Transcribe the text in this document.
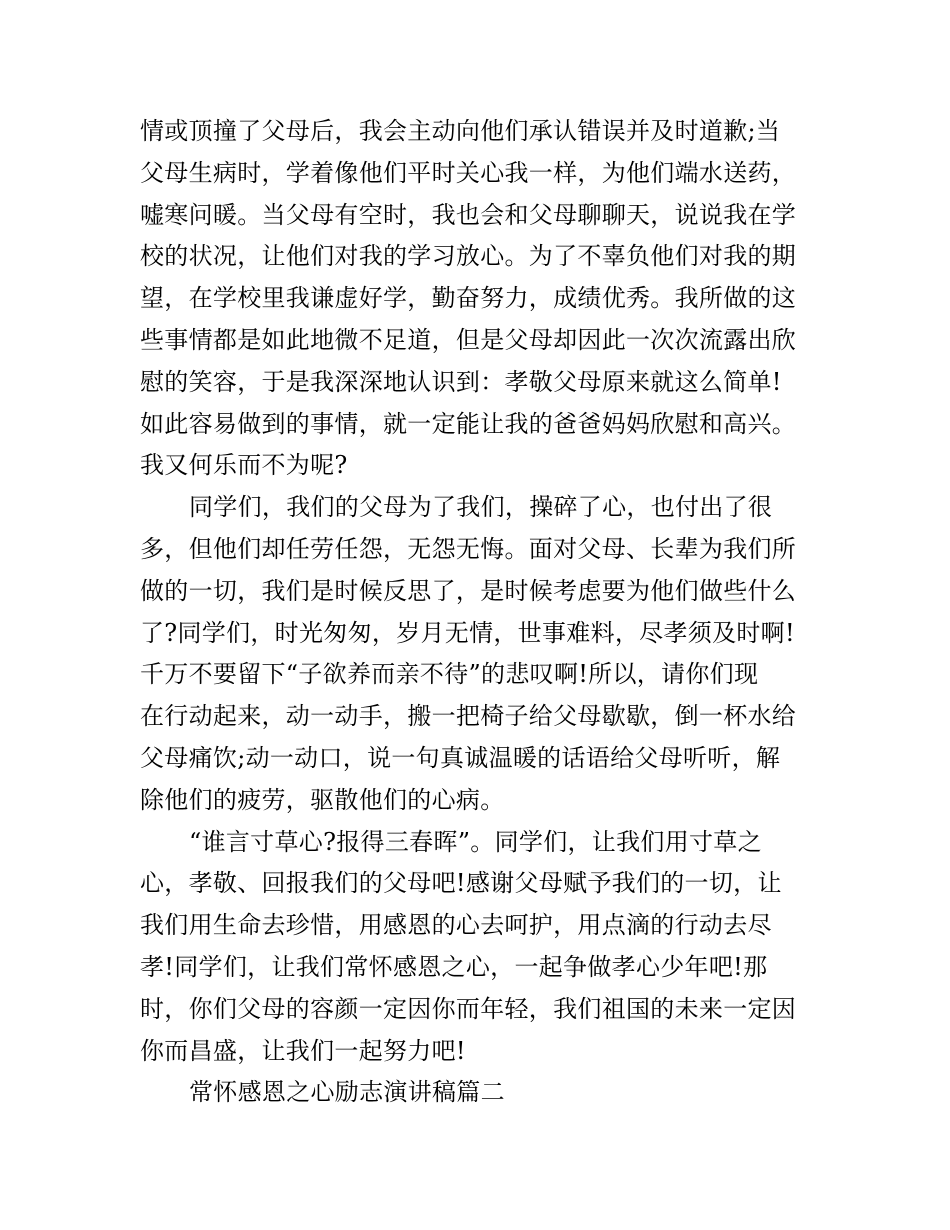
情或顶撞了父母后，我会主动向他们承认错误并及时道歉;当
父母生病时，学着像他们平时关心我一样，为他们端水送药，
嘘寒问暖。当父母有空时，我也会和父母聊聊天，说说我在学
校的状况，让他们对我的学习放心。为了不辜负他们对我的期
望，在学校里我谦虚好学，勤奋努力，成绩优秀。我所做的这
些事情都是如此地微不足道，但是父母却因此一次次流露出欣
慰的笑容，于是我深深地认识到：孝敬父母原来就这么简单!
如此容易做到的事情，就一定能让我的爸爸妈妈欣慰和高兴。
我又何乐而不为呢?
同学们，我们的父母为了我们，操碎了心，也付出了很
多，但他们却任劳任怨，无怨无悔。面对父母、长辈为我们所
做的一切，我们是时候反思了，是时候考虑要为他们做些什么
了?同学们，时光匆匆，岁月无情，世事难料，尽孝须及时啊!
千万不要留下“子欲养而亲不待”的悲叹啊!所以，请你们现
在行动起来，动一动手，搬一把椅子给父母歇歇，倒一杯水给
父母痛饮;动一动口，说一句真诚温暖的话语给父母听听，解
除他们的疲劳，驱散他们的心病。
“谁言寸草心?报得三春晖”。同学们，让我们用寸草之
心，孝敬、回报我们的父母吧!感谢父母赋予我们的一切，让
我们用生命去珍惜，用感恩的心去呵护，用点滴的行动去尽
孝!同学们，让我们常怀感恩之心，一起争做孝心少年吧!那
时，你们父母的容颜一定因你而年轻，我们祖国的未来一定因
你而昌盛，让我们一起努力吧!
常怀感恩之心励志演讲稿篇二
